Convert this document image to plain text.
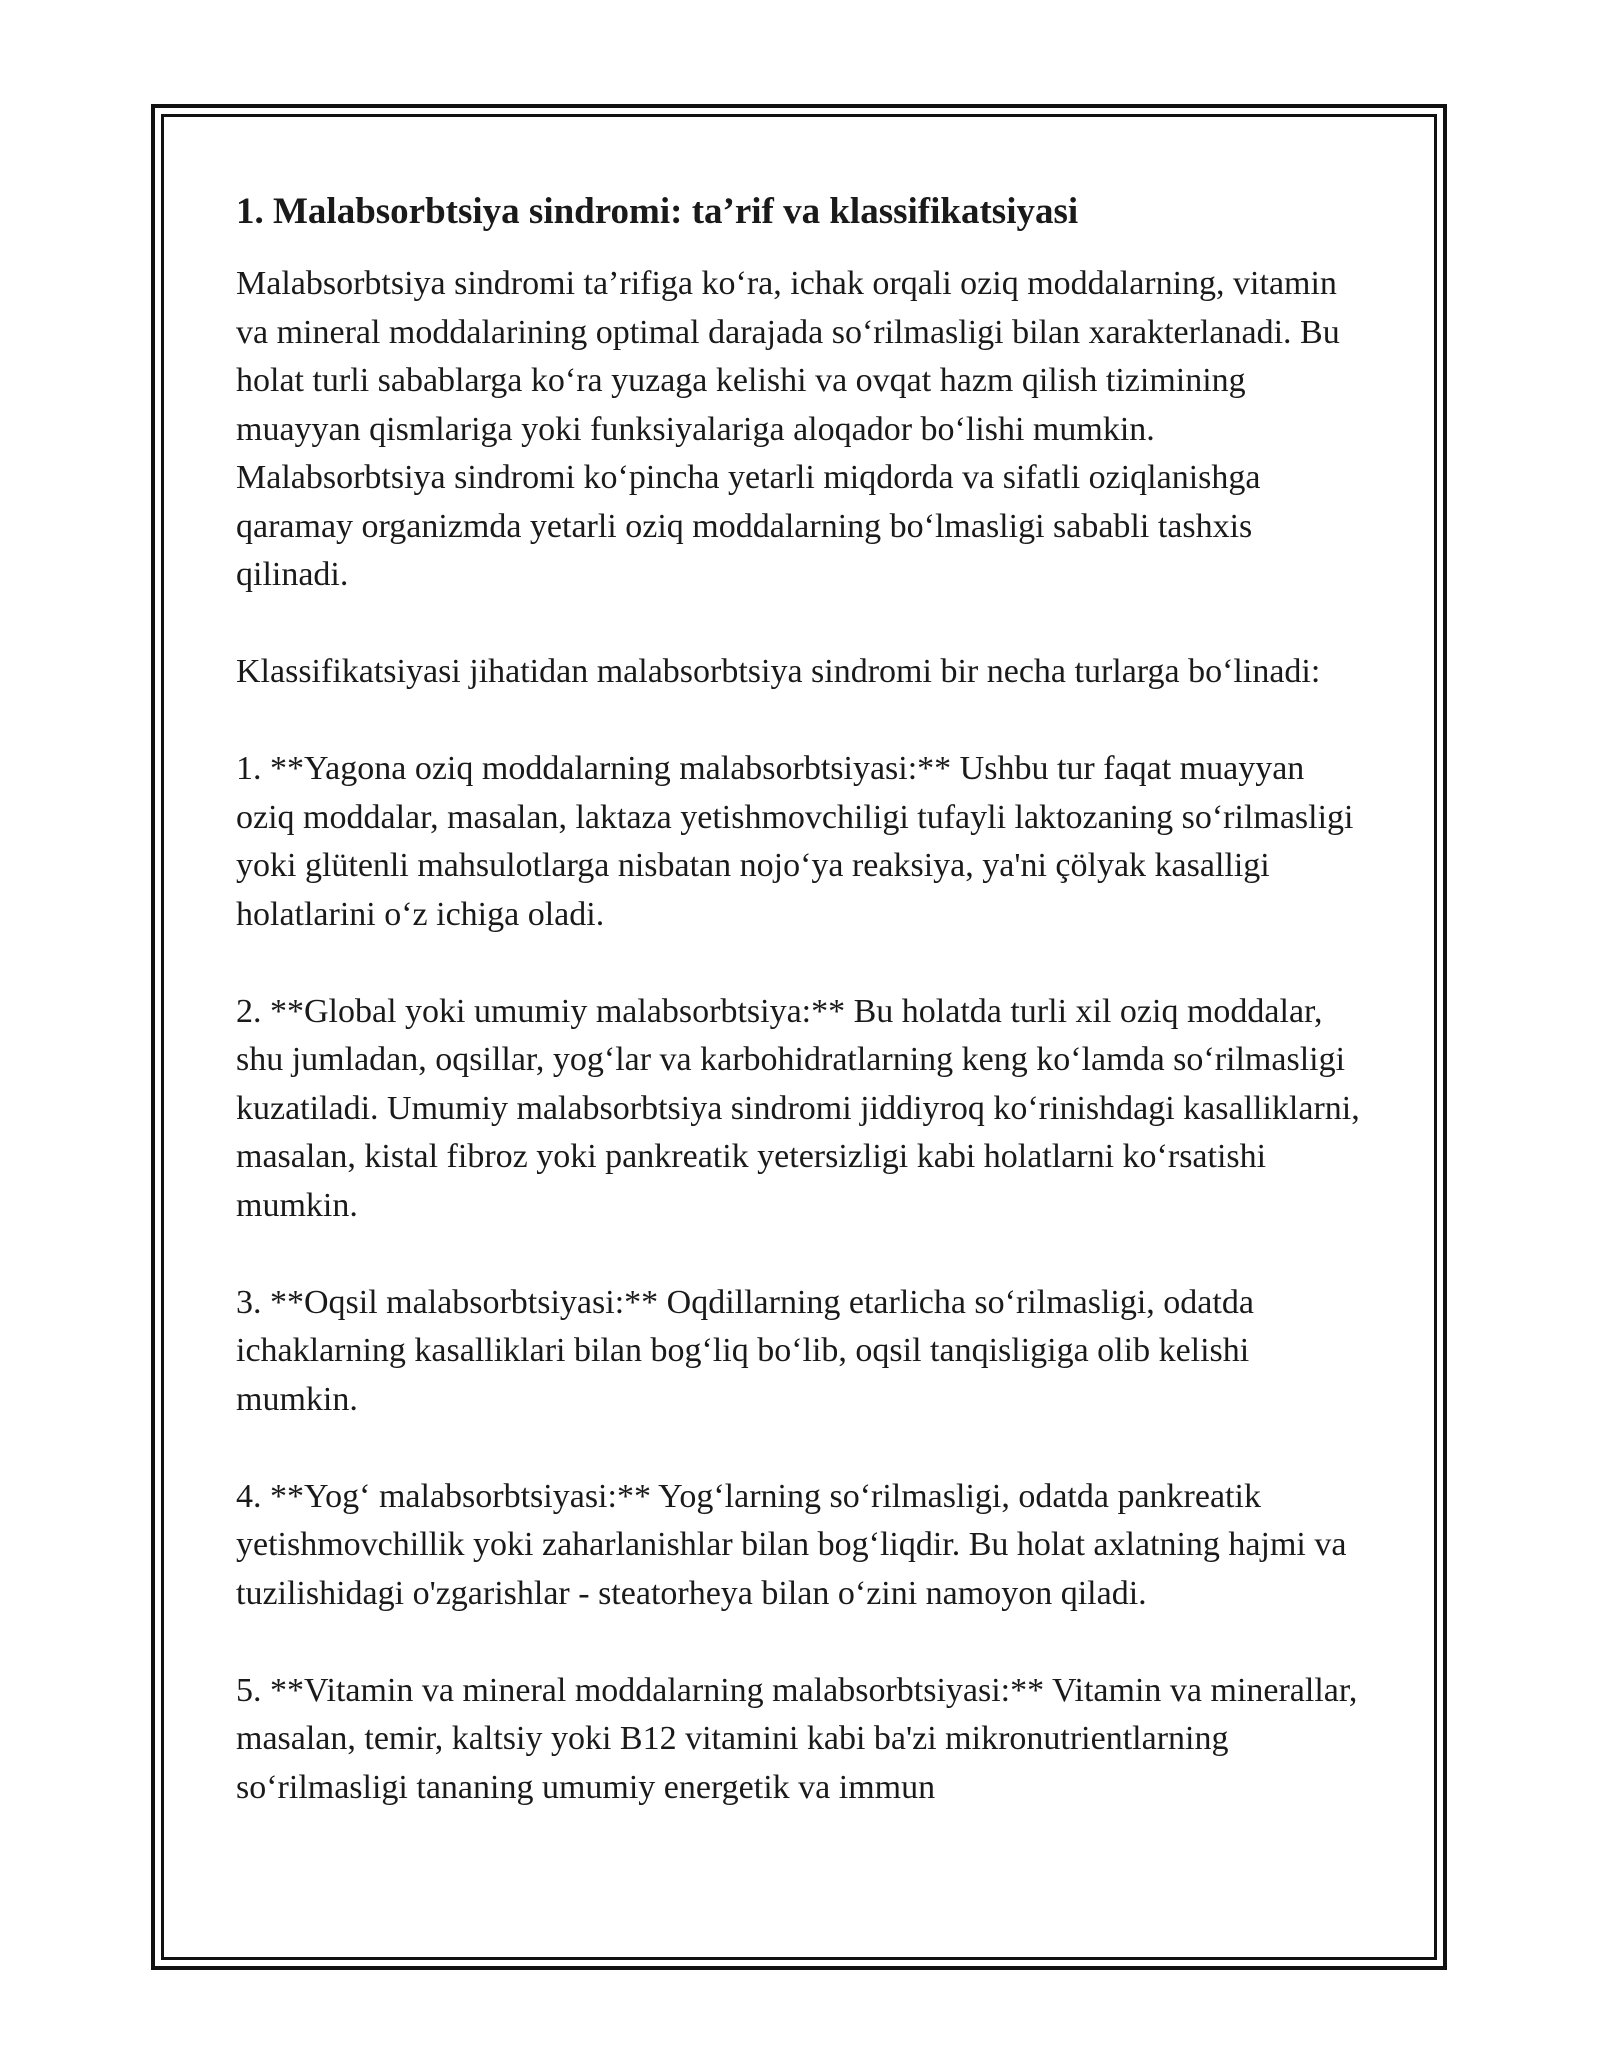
1. Malabsorbtsiya sindromi: ta’rif va klassifikatsiyasi

Malabsorbtsiya sindromi ta’rifiga ko‘ra, ichak orqali oziq moddalarning, vitamin va mineral moddalarining optimal darajada so‘rilmasligi bilan xarakterlanadi. Bu holat turli sabablarga ko‘ra yuzaga kelishi va ovqat hazm qilish tizimining muayyan qismlariga yoki funksiyalariga aloqador bo‘lishi mumkin. Malabsorbtsiya sindromi ko‘pincha yetarli miqdorda va sifatli oziqlanishga qaramay organizmda yetarli oziq moddalarning bo‘lmasligi sababli tashxis qilinadi.

Klassifikatsiyasi jihatidan malabsorbtsiya sindromi bir necha turlarga bo‘linadi:

1. **Yagona oziq moddalarning malabsorbtsiyasi:** Ushbu tur faqat muayyan oziq moddalar, masalan, laktaza yetishmovchiligi tufayli laktozaning so‘rilmasligi yoki glütenli mahsulotlarga nisbatan nojo‘ya reaksiya, ya'ni çölyak kasalligi holatlarini o‘z ichiga oladi.

2. **Global yoki umumiy malabsorbtsiya:** Bu holatda turli xil oziq moddalar, shu jumladan, oqsillar, yog‘lar va karbohidratlarning keng ko‘lamda so‘rilmasligi kuzatiladi. Umumiy malabsorbtsiya sindromi jiddiyroq ko‘rinishdagi kasalliklarni, masalan, kistal fibroz yoki pankreatik yetersizligi kabi holatlarni ko‘rsatishi mumkin.

3. **Oqsil malabsorbtsiyasi:** Oqdillarning etarlicha so‘rilmasligi, odatda ichaklarning kasalliklari bilan bog‘liq bo‘lib, oqsil tanqisligiga olib kelishi mumkin.

4. **Yog‘ malabsorbtsiyasi:** Yog‘larning so‘rilmasligi, odatda pankreatik yetishmovchillik yoki zaharlanishlar bilan bog‘liqdir. Bu holat axlatning hajmi va tuzilishidagi o'zgarishlar - steatorheya bilan o‘zini namoyon qiladi.

5. **Vitamin va mineral moddalarning malabsorbtsiyasi:** Vitamin va minerallar, masalan, temir, kaltsiy yoki B12 vitamini kabi ba'zi mikronutrientlarning so‘rilmasligi tananing umumiy energetik va immun
